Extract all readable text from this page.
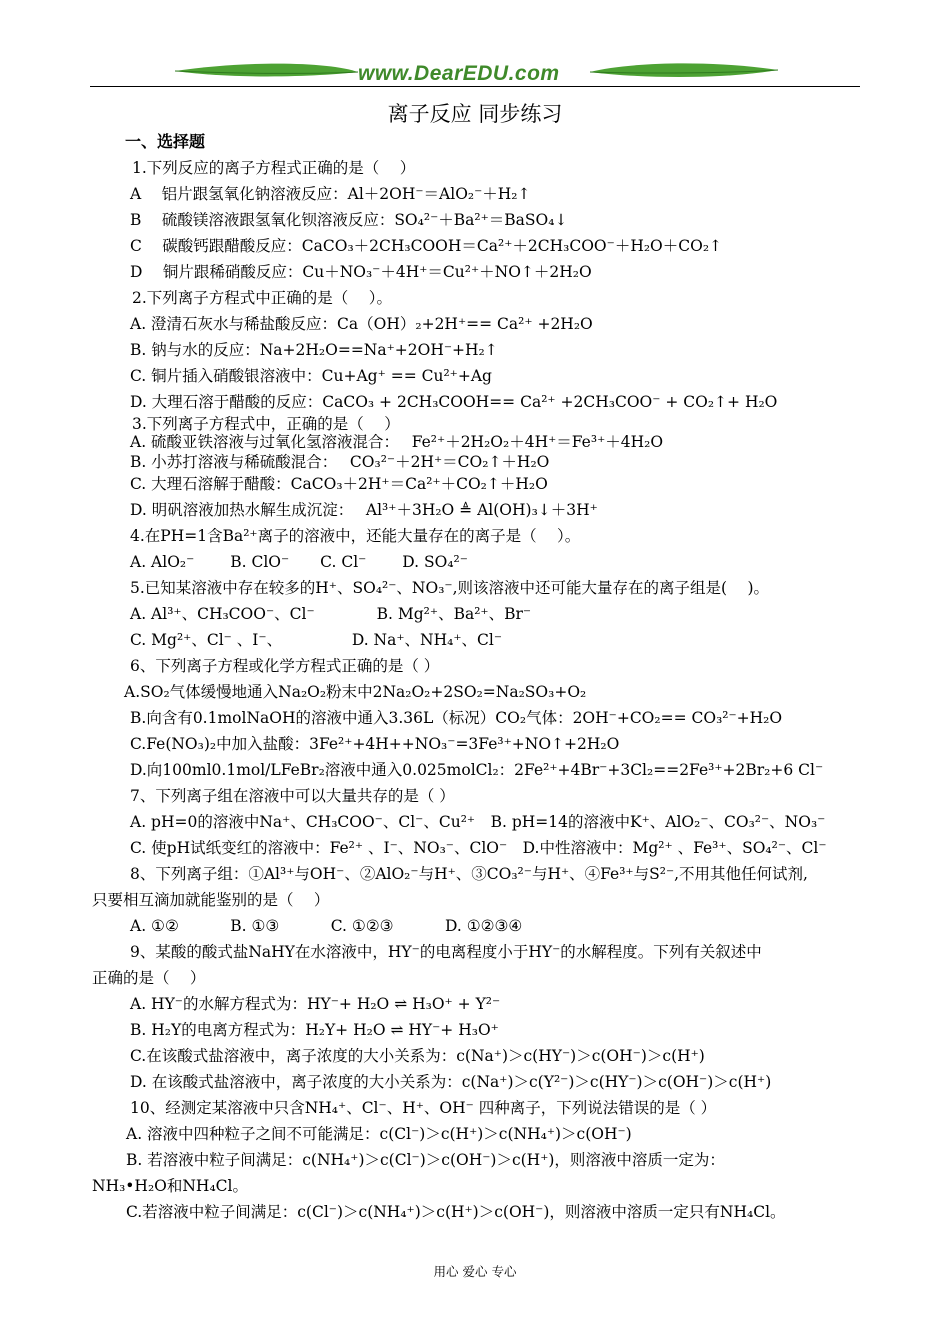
www.DearEDU.com
离子反应 同步练习
一、选择题
1.下列反应的离子方程式正确的是（　 ）
A　 铝片跟氢氧化钠溶液反应：Al＋2OH⁻＝AlO₂⁻＋H₂↑
B　 硫酸镁溶液跟氢氧化钡溶液反应：SO₄²⁻＋Ba²⁺＝BaSO₄↓
C　 碳酸钙跟醋酸反应：CaCO₃＋2CH₃COOH＝Ca²⁺＋2CH₃COO⁻＋H₂O＋CO₂↑
D　 铜片跟稀硝酸反应：Cu＋NO₃⁻＋4H⁺＝Cu²⁺＋NO↑＋2H₂O
2.下列离子方程式中正确的是（　 ）。
A. 澄清石灰水与稀盐酸反应：Ca（OH）₂+2H⁺== Ca²⁺ +2H₂O
B. 钠与水的反应：Na+2H₂O==Na⁺+2OH⁻+H₂↑
C. 铜片插入硝酸银溶液中：Cu+Ag⁺ == Cu²⁺+Ag
D. 大理石溶于醋酸的反应：CaCO₃ + 2CH₃COOH== Ca²⁺ +2CH₃COO⁻ + CO₂↑+ H₂O
3.下列离子方程式中，正确的是（　 ）
A. 硫酸亚铁溶液与过氧化氢溶液混合：　 Fe²⁺＋2H₂O₂＋4H⁺＝Fe³⁺＋4H₂O
B. 小苏打溶液与稀硫酸混合：　 CO₃²⁻＋2H⁺＝CO₂↑＋H₂O
C. 大理石溶解于醋酸：CaCO₃＋2H⁺＝Ca²⁺＋CO₂↑＋H₂O
D. 明矾溶液加热水解生成沉淀：　 Al³⁺＋3H₂O ≜ Al(OH)₃↓＋3H⁺
4.在PH=1含Ba²⁺离子的溶液中，还能大量存在的离子是（　 ）。
A. AlO₂⁻　　 B. ClO⁻　　C. Cl⁻　　 D. SO₄²⁻
5.已知某溶液中存在较多的H⁺、SO₄²⁻、NO₃⁻,则该溶液中还可能大量存在的离子组是(　 )。
A. Al³⁺、CH₃COO⁻、Cl⁻　　　　B. Mg²⁺、Ba²⁺、Br⁻
C. Mg²⁺、Cl⁻ 、I⁻、　　　　　D. Na⁺、NH₄⁺、Cl⁻
6、下列离子方程或化学方程式正确的是（ ）
A.SO₂气体缓慢地通入Na₂O₂粉末中2Na₂O₂+2SO₂=Na₂SO₃+O₂
B.向含有0.1molNaOH的溶液中通入3.36L（标况）CO₂气体：2OH⁻+CO₂== CO₃²⁻+H₂O
C.Fe(NO₃)₂中加入盐酸：3Fe²⁺+4H++NO₃⁻=3Fe³⁺+NO↑+2H₂O
D.向100ml0.1mol/LFeBr₂溶液中通入0.025molCl₂：2Fe²⁺+4Br⁻+3Cl₂==2Fe³⁺+2Br₂+6 Cl⁻
7、下列离子组在溶液中可以大量共存的是（ ）
A. pH=0的溶液中Na⁺、CH₃COO⁻、Cl⁻、Cu²⁺　B. pH=14的溶液中K⁺、AlO₂⁻、CO₃²⁻、NO₃⁻
C. 使pH试纸变红的溶液中：Fe²⁺ 、I⁻、NO₃⁻、ClO⁻　D.中性溶液中：Mg²⁺ 、Fe³⁺、SO₄²⁻、Cl⁻
8、下列离子组：①Al³⁺与OH⁻、②AlO₂⁻与H⁺、③CO₃²⁻与H⁺、④Fe³⁺与S²⁻,不用其他任何试剂,
只要相互滴加就能鉴别的是（　 ）
A. ①②　　　 B. ①③　　　 C. ①②③　　　 D. ①②③④
9、某酸的酸式盐NaHY在水溶液中，HY⁻的电离程度小于HY⁻的水解程度。下列有关叙述中
正确的是（　 ）
A. HY⁻的水解方程式为：HY⁻+ H₂O ⇌ H₃O⁺ + Y²⁻
B. H₂Y的电离方程式为：H₂Y+ H₂O ⇌ HY⁻+ H₃O⁺
C.在该酸式盐溶液中，离子浓度的大小关系为：c(Na⁺)＞c(HY⁻)＞c(OH⁻)＞c(H⁺)
D. 在该酸式盐溶液中，离子浓度的大小关系为：c(Na⁺)＞c(Y²⁻)＞c(HY⁻)＞c(OH⁻)＞c(H⁺)
10、经测定某溶液中只含NH₄⁺、Cl⁻、H⁺、OH⁻ 四种离子，下列说法错误的是（ ）
A. 溶液中四种粒子之间不可能满足：c(Cl⁻)＞c(H⁺)＞c(NH₄⁺)＞c(OH⁻)
B. 若溶液中粒子间满足：c(NH₄⁺)＞c(Cl⁻)＞c(OH⁻)＞c(H⁺)，则溶液中溶质一定为：
NH₃•H₂O和NH₄Cl。
C.若溶液中粒子间满足：c(Cl⁻)＞c(NH₄⁺)＞c(H⁺)＞c(OH⁻)，则溶液中溶质一定只有NH₄Cl。
用心 爱心 专心
